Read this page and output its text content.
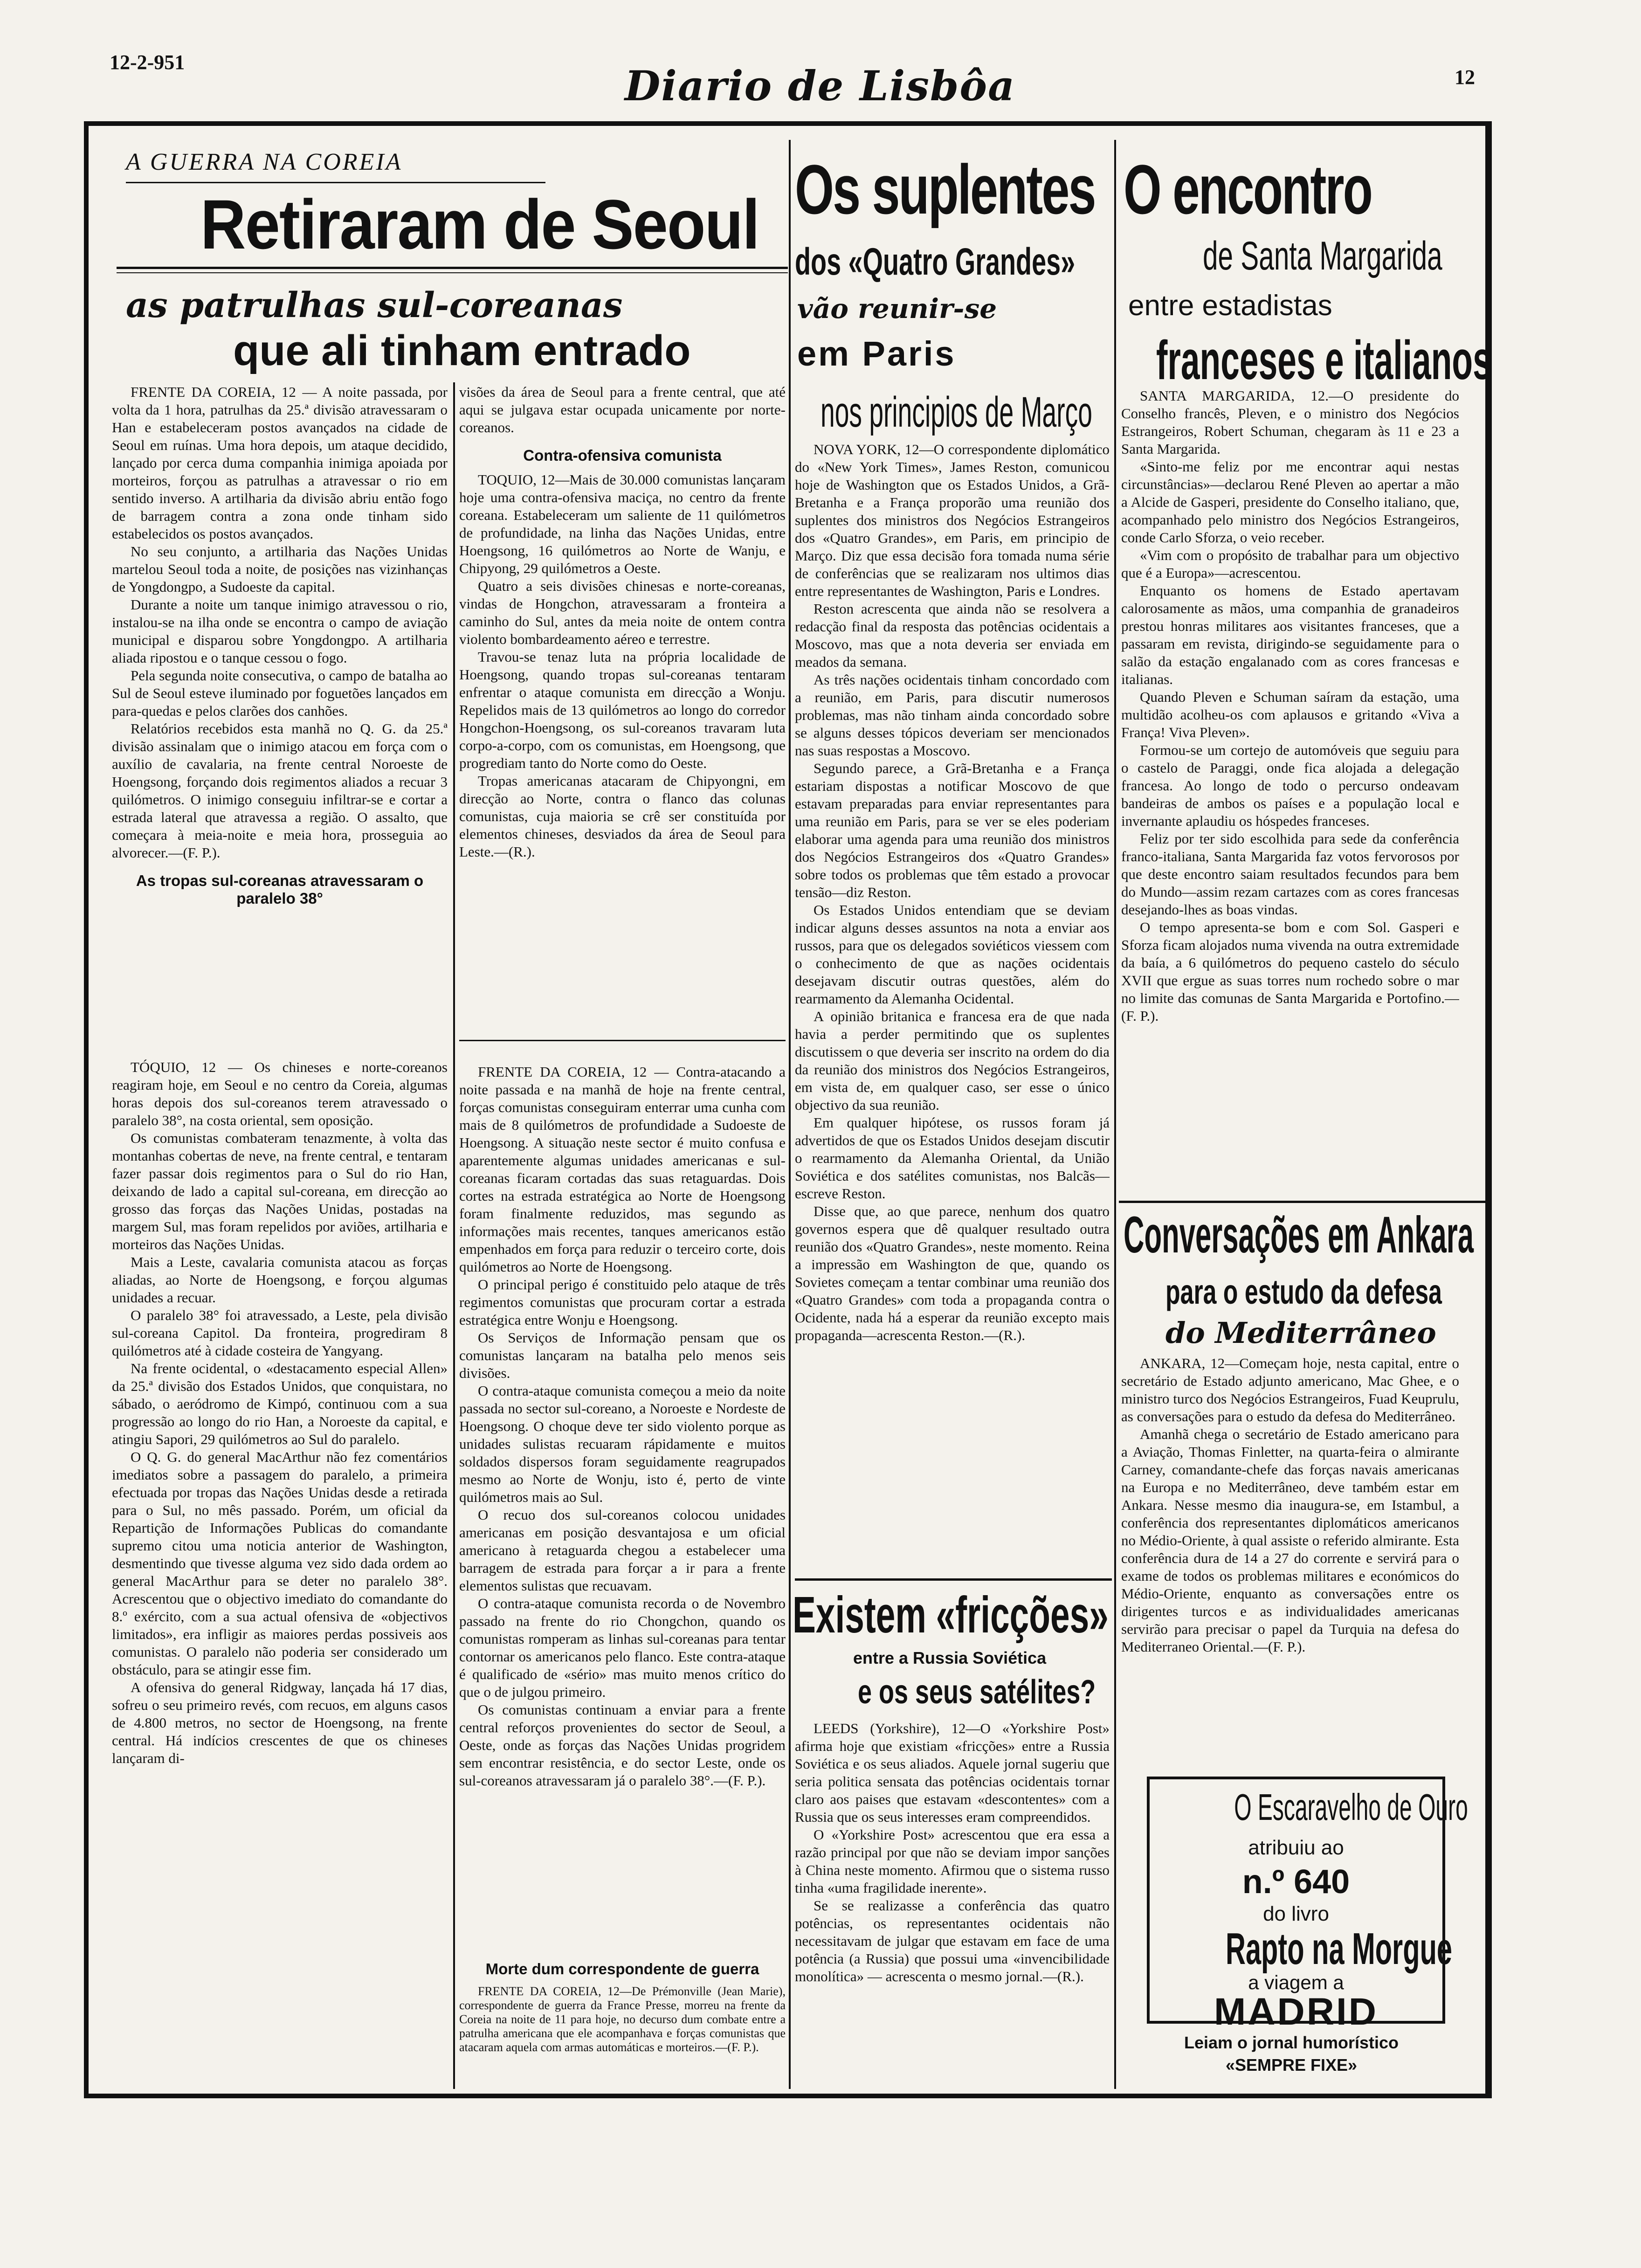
12-2-951	Diario de Lisbôa	12
A GUERRA NA COREIA
Retiraram de Seoul
as patrulhas sul-coreanas
que ali tinham entrado

FRENTE DA COREIA, 12 — A noite passada, por volta da 1 hora, patrulhas da 25.ª divisão atravessaram o Han e estabeleceram postos avançados na cidade de Seoul em ruínas. Uma hora depois, um ataque decidido, lançado por cerca duma companhia inimiga apoiada por morteiros, forçou as patrulhas a atravessar o rio em sentido inverso. A artilharia da divisão abriu então fogo de barragem contra a zona onde tinham sido estabelecidos os postos avançados.

No seu conjunto, a artilharia das Nações Unidas martelou Seoul toda a noite, de posições nas vizinhanças de Yongdongpo, a Sudoeste da capital.

Durante a noite um tanque inimigo atravessou o rio, instalou-se na ilha onde se encontra o campo de aviação municipal e disparou sobre Yongdongpo. A artilharia aliada ripostou e o tanque cessou o fogo.

Pela segunda noite consecutiva, o campo de batalha ao Sul de Seoul esteve iluminado por foguetões lançados em para-quedas e pelos clarões dos canhões.

Relatórios recebidos esta manhã no Q. G. da 25.ª divisão assinalam que o inimigo atacou em força com o auxílio de cavalaria, na frente central Noroeste de Hoengsong, forçando dois regimentos aliados a recuar 3 quilómetros. O inimigo conseguiu infiltrar-se e cortar a estrada lateral que atravessa a região. O assalto, que começara à meia-noite e meia hora, prosseguia ao alvorecer.—(F. P.).

As tropas sul-coreanas atravessaram o paralelo 38°

TÓQUIO, 12 — Os chineses e norte-coreanos reagiram hoje, em Seoul e no centro da Coreia, algumas horas depois dos sul-coreanos terem atravessado o paralelo 38°, na costa oriental, sem oposição.

Os comunistas combateram tenazmente, à volta das montanhas cobertas de neve, na frente central, e tentaram fazer passar dois regimentos para o Sul do rio Han, deixando de lado a capital sul-coreana, em direcção ao grosso das forças das Nações Unidas, postadas na margem Sul, mas foram repelidos por aviões, artilharia e morteiros das Nações Unidas.

Mais a Leste, cavalaria comunista atacou as forças aliadas, ao Norte de Hoengsong, e forçou algumas unidades a recuar.

O paralelo 38° foi atravessado, a Leste, pela divisão sul-coreana Capitol. Da fronteira, progrediram 8 quilómetros até à cidade costeira de Yangyang.

Na frente ocidental, o «destacamento especial Allen» da 25.ª divisão dos Estados Unidos, que conquistara, no sábado, o aeródromo de Kimpó, continuou com a sua progressão ao longo do rio Han, a Noroeste da capital, e atingiu Sapori, 29 quilómetros ao Sul do paralelo.

O Q. G. do general MacArthur não fez comentários imediatos sobre a passagem do paralelo, a primeira efectuada por tropas das Nações Unidas desde a retirada para o Sul, no mês passado. Porém, um oficial da Repartição de Informações Publicas do comandante supremo citou uma noticia anterior de Washington, desmentindo que tivesse alguma vez sido dada ordem ao general MacArthur para se deter no paralelo 38°. Acrescentou que o objectivo imediato do comandante do 8.º exército, com a sua actual ofensiva de «objectivos limitados», era infligir as maiores perdas possiveis aos comunistas. O paralelo não poderia ser considerado um obstáculo, para se atingir esse fim.

A ofensiva do general Ridgway, lançada há 17 dias, sofreu o seu primeiro revés, com recuos, em alguns casos de 4.800 metros, no sector de Hoengsong, na frente central. Há indícios crescentes de que os chineses lançaram di-

visões da área de Seoul para a frente central, que até aqui se julgava estar ocupada unicamente por norte-coreanos.

Contra-ofensiva comunista

TOQUIO, 12—Mais de 30.000 comunistas lançaram hoje uma contra-ofensiva maciça, no centro da frente coreana. Estabeleceram um saliente de 11 quilómetros de profundidade, na linha das Nações Unidas, entre Hoengsong, 16 quilómetros ao Norte de Wanju, e Chipyong, 29 quilómetros a Oeste.

Quatro a seis divisões chinesas e norte-coreanas, vindas de Hongchon, atravessaram a fronteira a caminho do Sul, antes da meia noite de ontem contra violento bombardeamento aéreo e terrestre.

Travou-se tenaz luta na própria localidade de Hoengsong, quando tropas sul-coreanas tentaram enfrentar o ataque comunista em direcção a Wonju. Repelidos mais de 13 quilómetros ao longo do corredor Hongchon-Hoengsong, os sul-coreanos travaram luta corpo-a-corpo, com os comunistas, em Hoengsong, que progrediam tanto do Norte como do Oeste.

Tropas americanas atacaram de Chipyongni, em direcção ao Norte, contra o flanco das colunas comunistas, cuja maioria se crê ser constituída por elementos chineses, desviados da área de Seoul para Leste.—(R.).

FRENTE DA COREIA, 12 — Contra-atacando a noite passada e na manhã de hoje na frente central, forças comunistas conseguiram enterrar uma cunha com mais de 8 quilómetros de profundidade a Sudoeste de Hoengsong. A situação neste sector é muito confusa e aparentemente algumas unidades americanas e sul-coreanas ficaram cortadas das suas retaguardas. Dois cortes na estrada estratégica ao Norte de Hoengsong foram finalmente reduzidos, mas segundo as informações mais recentes, tanques americanos estão empenhados em força para reduzir o terceiro corte, dois quilómetros ao Norte de Hoengsong.

O principal perigo é constituido pelo ataque de três regimentos comunistas que procuram cortar a estrada estratégica entre Wonju e Hoengsong.

Os Serviços de Informação pensam que os comunistas lançaram na batalha pelo menos seis divisões.

O contra-ataque comunista começou a meio da noite passada no sector sul-coreano, a Noroeste e Nordeste de Hoengsong. O choque deve ter sido violento porque as unidades sulistas recuaram rápidamente e muitos soldados dispersos foram seguidamente reagrupados mesmo ao Norte de Wonju, isto é, perto de vinte quilómetros mais ao Sul.

O recuo dos sul-coreanos colocou unidades americanas em posição desvantajosa e um oficial americano à retaguarda chegou a estabelecer uma barragem de estrada para forçar a ir para a frente elementos sulistas que recuavam.

O contra-ataque comunista recorda o de Novembro passado na frente do rio Chongchon, quando os comunistas romperam as linhas sul-coreanas para tentar contornar os americanos pelo flanco. Este contra-ataque é qualificado de «sério» mas muito menos crítico do que o de julgou primeiro.

Os comunistas continuam a enviar para a frente central reforços provenientes do sector de Seoul, a Oeste, onde as forças das Nações Unidas progridem sem encontrar resistência, e do sector Leste, onde os sul-coreanos atravessaram já o paralelo 38°.—(F. P.).

Morte dum correspondente de guerra

FRENTE DA COREIA, 12—De Prémonville (Jean Marie), correspondente de guerra da France Presse, morreu na frente da Coreia na noite de 11 para hoje, no decurso dum combate entre a patrulha americana que ele acompanhava e forças comunistas que atacaram aquela com armas automáticas e morteiros.—(F. P.).

Os suplentes
dos «Quatro Grandes»
vão reunir-se
em Paris
nos principios de Março

NOVA YORK, 12—O correspondente diplomático do «New York Times», James Reston, comunicou hoje de Washington que os Estados Unidos, a Grã-Bretanha e a França proporão uma reunião dos suplentes dos ministros dos Negócios Estrangeiros dos «Quatro Grandes», em Paris, em principio de Março. Diz que essa decisão fora tomada numa série de conferências que se realizaram nos ultimos dias entre representantes de Washington, Paris e Londres.

Reston acrescenta que ainda não se resolvera a redacção final da resposta das potências ocidentais a Moscovo, mas que a nota deveria ser enviada em meados da semana.

As três nações ocidentais tinham concordado com a reunião, em Paris, para discutir numerosos problemas, mas não tinham ainda concordado sobre se alguns desses tópicos deveriam ser mencionados nas suas respostas a Moscovo.

Segundo parece, a Grã-Bretanha e a França estariam dispostas a notificar Moscovo de que estavam preparadas para enviar representantes para uma reunião em Paris, para se ver se eles poderiam elaborar uma agenda para uma reunião dos ministros dos Negócios Estrangeiros dos «Quatro Grandes» sobre todos os problemas que têm estado a provocar tensão—diz Reston.

Os Estados Unidos entendiam que se deviam indicar alguns desses assuntos na nota a enviar aos russos, para que os delegados soviéticos viessem com o conhecimento de que as nações ocidentais desejavam discutir outras questões, além do rearmamento da Alemanha Ocidental.

A opinião britanica e francesa era de que nada havia a perder permitindo que os suplentes discutissem o que deveria ser inscrito na ordem do dia da reunião dos ministros dos Negócios Estrangeiros, em vista de, em qualquer caso, ser esse o único objectivo da sua reunião.

Em qualquer hipótese, os russos foram já advertidos de que os Estados Unidos desejam discutir o rearmamento da Alemanha Oriental, da União Soviética e dos satélites comunistas, nos Balcãs—escreve Reston.

Disse que, ao que parece, nenhum dos quatro governos espera que dê qualquer resultado outra reunião dos «Quatro Grandes», neste momento. Reina a impressão em Washington de que, quando os Sovietes começam a tentar combinar uma reunião dos «Quatro Grandes» com toda a propaganda contra o Ocidente, nada há a esperar da reunião excepto mais propaganda—acrescenta Reston.—(R.).

Existem «fricções»
entre a Russia Soviética
e os seus satélites?

LEEDS (Yorkshire), 12—O «Yorkshire Post» afirma hoje que existiam «fricções» entre a Russia Soviética e os seus aliados. Aquele jornal sugeriu que seria politica sensata das potências ocidentais tornar claro aos paises que estavam «descontentes» com a Russia que os seus interesses eram compreendidos.

O «Yorkshire Post» acrescentou que era essa a razão principal por que não se deviam impor sanções à China neste momento. Afirmou que o sistema russo tinha «uma fragilidade inerente».

Se se realizasse a conferência das quatro potências, os representantes ocidentais não necessitavam de julgar que estavam em face de uma potência (a Russia) que possui uma «invencibilidade monolítica» — acrescenta o mesmo jornal.—(R.).

O encontro
de Santa Margarida
entre estadistas
franceses e italianos

SANTA MARGARIDA, 12.—O presidente do Conselho francês, Pleven, e o ministro dos Negócios Estrangeiros, Robert Schuman, chegaram às 11 e 23 a Santa Margarida.

«Sinto-me feliz por me encontrar aqui nestas circunstâncias»—declarou René Pleven ao apertar a mão a Alcide de Gasperi, presidente do Conselho italiano, que, acompanhado pelo ministro dos Negócios Estrangeiros, conde Carlo Sforza, o veio receber.

«Vim com o propósito de trabalhar para um objectivo que é a Europa»—acrescentou.

Enquanto os homens de Estado apertavam calorosamente as mãos, uma companhia de granadeiros prestou honras militares aos visitantes franceses, que a passaram em revista, dirigindo-se seguidamente para o salão da estação engalanado com as cores francesas e italianas.

Quando Pleven e Schuman saíram da estação, uma multidão acolheu-os com aplausos e gritando «Viva a França! Viva Pleven».

Formou-se um cortejo de automóveis que seguiu para o castelo de Paraggi, onde fica alojada a delegação francesa. Ao longo de todo o percurso ondeavam bandeiras de ambos os países e a população local e invernante aplaudiu os hóspedes franceses.

Feliz por ter sido escolhida para sede da conferência franco-italiana, Santa Margarida faz votos fervorosos por que deste encontro saiam resultados fecundos para bem do Mundo—assim rezam cartazes com as cores francesas desejando-lhes as boas vindas.

O tempo apresenta-se bom e com Sol. Gasperi e Sforza ficam alojados numa vivenda na outra extremidade da baía, a 6 quilómetros do pequeno castelo do século XVII que ergue as suas torres num rochedo sobre o mar no limite das comunas de Santa Margarida e Portofino.—(F. P.).

Conversações em Ankara
para o estudo da defesa
do Mediterrâneo

ANKARA, 12—Começam hoje, nesta capital, entre o secretário de Estado adjunto americano, Mac Ghee, e o ministro turco dos Negócios Estrangeiros, Fuad Keuprulu, as conversações para o estudo da defesa do Mediterrâneo.

Amanhã chega o secretário de Estado americano para a Aviação, Thomas Finletter, na quarta-feira o almirante Carney, comandante-chefe das forças navais americanas na Europa e no Mediterrâneo, deve também estar em Ankara. Nesse mesmo dia inaugura-se, em Istambul, a conferência dos representantes diplomáticos americanos no Médio-Oriente, à qual assiste o referido almirante. Esta conferência dura de 14 a 27 do corrente e servirá para o exame de todos os problemas militares e económicos do Médio-Oriente, enquanto as conversações entre os dirigentes turcos e as individualidades americanas servirão para precisar o papel da Turquia na defesa do Mediterraneo Oriental.—(F. P.).

O Escaravelho de Ouro
atribuiu ao
n.º 640
do livro
Rapto na Morgue
a viagem a
MADRID
Leiam o jornal humorístico
«SEMPRE FIXE»
